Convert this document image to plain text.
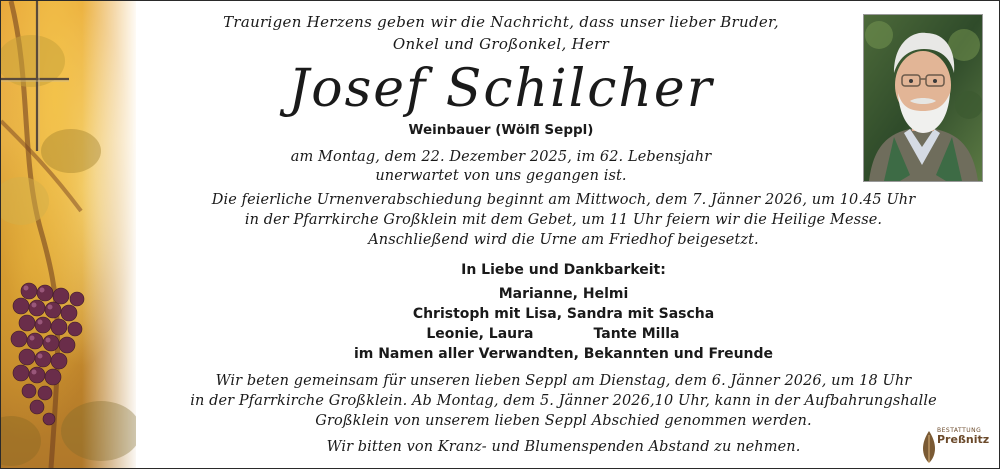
Traurigen Herzens geben wir die Nachricht, dass unser lieber Bruder,
Onkel und Großonkel, Herr
Josef Schilcher
Weinbauer (Wölfl Seppl)
am Montag, dem 22. Dezember 2025, im 62. Lebensjahr
unerwartet von uns gegangen ist.
Die feierliche Urnenverabschiedung beginnt am Mittwoch, dem 7. Jänner 2026, um 10.45 Uhr
in der Pfarrkirche Großklein mit dem Gebet, um 11 Uhr feiern wir die Heilige Messe.
Anschließend wird die Urne am Friedhof beigesetzt.
In Liebe und Dankbarkeit:
Marianne, Helmi
Christoph mit Lisa, Sandra mit Sascha
Leonie, Laura	Tante Milla
im Namen aller Verwandten, Bekannten und Freunde
Wir beten gemeinsam für unseren lieben Seppl am Dienstag, dem 6. Jänner 2026, um 18 Uhr
in der Pfarrkirche Großklein. Ab Montag, dem 5. Jänner 2026,10 Uhr, kann in der Aufbahrungshalle
Großklein von unserem lieben Seppl Abschied genommen werden.
Wir bitten von Kranz- und Blumenspenden Abstand zu nehmen.
BESTATTUNG
Preßnitz
